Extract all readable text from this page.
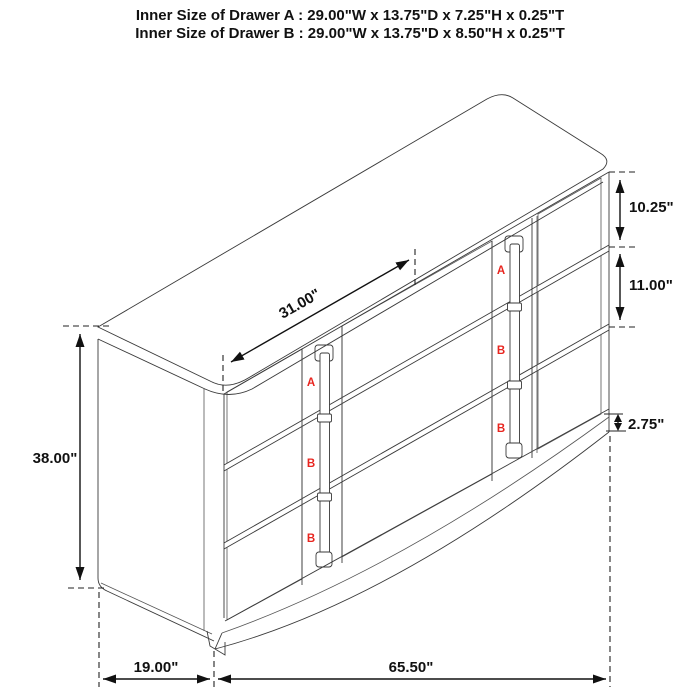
Inner Size of Drawer A : 29.00"W x 13.75"D x 7.25"H x 0.25"T
Inner Size of Drawer B : 29.00"W x 13.75"D x 8.50"H x 0.25"T
A
B
B
A
B
B
31.00"
10.25"
11.00"
2.75"
38.00"
19.00"	65.50"
